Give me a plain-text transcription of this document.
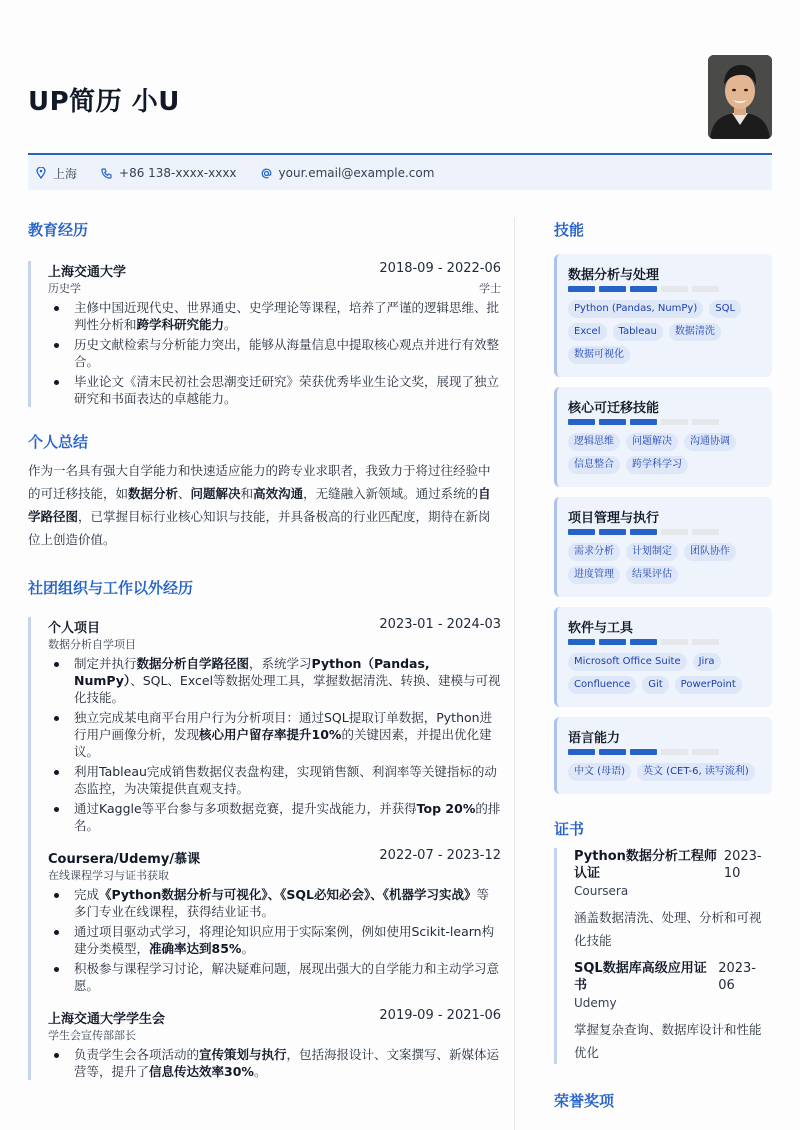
UP简历 小U
上海	+86 138-xxxx-xxxx	your.email@example.com
教育经历
上海交通大学	2018-09 - 2022-06
历史学	学士
主修中国近现代史、世界通史、史学理论等课程，培养了严谨的逻辑思维、批判性分析和跨学科研究能力。
历史文献检索与分析能力突出，能够从海量信息中提取核心观点并进行有效整合。
毕业论文《清末民初社会思潮变迁研究》荣获优秀毕业生论文奖，展现了独立研究和书面表达的卓越能力。
个人总结
作为一名具有强大自学能力和快速适应能力的跨专业求职者，我致力于将过往经验中的可迁移技能，如数据分析、问题解决和高效沟通，无缝融入新领域。通过系统的自学路径图，已掌握目标行业核心知识与技能，并具备极高的行业匹配度，期待在新岗位上创造价值。
社团组织与工作以外经历
个人项目	2023-01 - 2024-03
数据分析自学项目
制定并执行数据分析自学路径图，系统学习Python（Pandas, NumPy）、SQL、Excel等数据处理工具，掌握数据清洗、转换、建模与可视化技能。
独立完成某电商平台用户行为分析项目：通过SQL提取订单数据，Python进行用户画像分析，发现核心用户留存率提升10%的关键因素，并提出优化建议。
利用Tableau完成销售数据仪表盘构建，实现销售额、利润率等关键指标的动态监控，为决策提供直观支持。
通过Kaggle等平台参与多项数据竞赛，提升实战能力，并获得Top 20%的排名。
Coursera/Udemy/慕课	2022-07 - 2023-12
在线课程学习与证书获取
完成《Python数据分析与可视化》、《SQL必知必会》、《机器学习实战》等多门专业在线课程，获得结业证书。
通过项目驱动式学习，将理论知识应用于实际案例，例如使用Scikit-learn构建分类模型，准确率达到85%。
积极参与课程学习讨论，解决疑难问题，展现出强大的自学能力和主动学习意愿。
上海交通大学学生会	2019-09 - 2021-06
学生会宣传部部长
负责学生会各项活动的宣传策划与执行，包括海报设计、文案撰写、新媒体运营等，提升了信息传达效率30%。
技能
数据分析与处理
Python (Pandas, NumPy)	SQL
Excel	Tableau	数据清洗
数据可视化
核心可迁移技能
逻辑思维	问题解决	沟通协调
信息整合	跨学科学习
项目管理与执行
需求分析	计划制定	团队协作
进度管理	结果评估
软件与工具
Microsoft Office Suite	Jira
Confluence	Git	PowerPoint
语言能力
中文 (母语)	英文 (CET-6, 读写流利)
证书
Python数据分析工程师认证
2023-10
Coursera
涵盖数据清洗、处理、分析和可视化技能
SQL数据库高级应用证书
2023-06
Udemy
掌握复杂查询、数据库设计和性能优化
荣誉奖项
